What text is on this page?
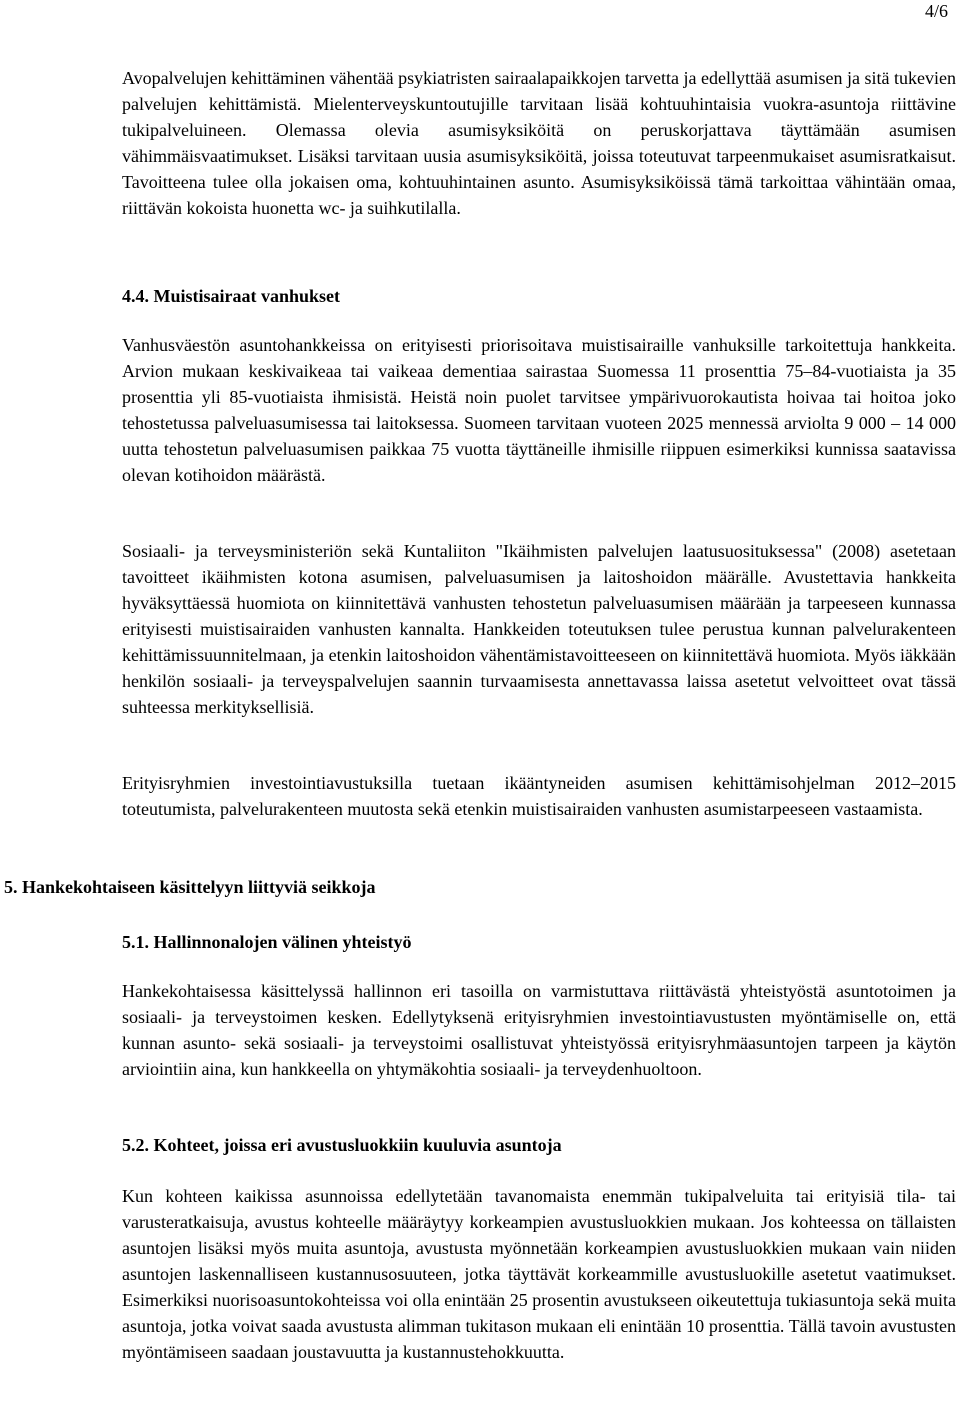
4/6

Avopalvelujen kehittäminen vähentää psykiatristen sairaalapaikkojen tarvetta ja edellyttää asumisen ja sitä tukevien palvelujen kehittämistä. Mielenterveyskuntoutujille tarvitaan lisää kohtuuhintaisia vuokra-asuntoja riittävine tukipalveluineen. Olemassa olevia asumisyksiköitä on peruskorjattava täyttämään asumisen vähimmäisvaatimukset. Lisäksi tarvitaan uusia asumisyksiköitä, joissa toteutuvat tarpeenmukaiset asumisratkaisut. Tavoitteena tulee olla jokaisen oma, kohtuuhintainen asunto. Asumisyksiköissä tämä tarkoittaa vähintään omaa, riittävän kokoista huonetta wc- ja suihkutilalla.

4.4. Muistisairaat vanhukset

Vanhusväestön asuntohankkeissa on erityisesti priorisoitava muistisairaille vanhuksille tarkoitettuja hankkeita. Arvion mukaan keskivaikeaa tai vaikeaa dementiaa sairastaa Suomessa 11 prosenttia 75–84-vuotiaista ja 35 prosenttia yli 85-vuotiaista ihmisistä. Heistä noin puolet tarvitsee ympärivuorokautista hoivaa tai hoitoa joko tehostetussa palveluasumisessa tai laitoksessa. Suomeen tarvitaan vuoteen 2025 mennessä arviolta 9 000 – 14 000 uutta tehostetun palveluasumisen paikkaa 75 vuotta täyttäneille ihmisille riippuen esimerkiksi kunnissa saatavissa olevan kotihoidon määrästä.

Sosiaali- ja terveysministeriön sekä Kuntaliiton "Ikäihmisten palvelujen laatusuosituksessa" (2008) asetetaan tavoitteet ikäihmisten kotona asumisen, palveluasumisen ja laitoshoidon määrälle. Avustettavia hankkeita hyväksyttäessä huomiota on kiinnitettävä vanhusten tehostetun palveluasumisen määrään ja tarpeeseen kunnassa erityisesti muistisairaiden vanhusten kannalta. Hankkeiden toteutuksen tulee perustua kunnan palvelurakenteen kehittämissuunnitelmaan, ja etenkin laitoshoidon vähentämistavoitteeseen on kiinnitettävä huomiota. Myös iäkkään henkilön sosiaali- ja terveyspalvelujen saannin turvaamisesta annettavassa laissa asetetut velvoitteet ovat tässä suhteessa merkityksellisiä.

Erityisryhmien investointiavustuksilla tuetaan ikääntyneiden asumisen kehittämisohjelman 2012–2015 toteutumista, palvelurakenteen muutosta sekä etenkin muistisairaiden vanhusten asumistarpeeseen vastaamista.

5. Hankekohtaiseen käsittelyyn liittyviä seikkoja
5.1. Hallinnonalojen välinen yhteistyö

Hankekohtaisessa käsittelyssä hallinnon eri tasoilla on varmistuttava riittävästä yhteistyöstä asuntotoimen ja sosiaali- ja terveystoimen kesken. Edellytyksenä erityisryhmien investointiavustusten myöntämiselle on, että kunnan asunto- sekä sosiaali- ja terveystoimi osallistuvat yhteistyössä erityisryhmäasuntojen tarpeen ja käytön arviointiin aina, kun hankkeella on yhtymäkohtia sosiaali- ja terveydenhuoltoon.

5.2. Kohteet, joissa eri avustusluokkiin kuuluvia asuntoja

Kun kohteen kaikissa asunnoissa edellytetään tavanomaista enemmän tukipalveluita tai erityisiä tila- tai varusteratkaisuja, avustus kohteelle määräytyy korkeampien avustusluokkien mukaan. Jos kohteessa on tällaisten asuntojen lisäksi myös muita asuntoja, avustusta myönnetään korkeampien avustusluokkien mukaan vain niiden asuntojen laskennalliseen kustannusosuuteen, jotka täyttävät korkeammille avustusluokille asetetut vaatimukset. Esimerkiksi nuorisoasuntokohteissa voi olla enintään 25 prosentin avustukseen oikeutettuja tukiasuntoja sekä muita asuntoja, jotka voivat saada avustusta alimman tukitason mukaan eli enintään 10 prosenttia. Tällä tavoin avustusten myöntämiseen saadaan joustavuutta ja kustannustehokkuutta.
